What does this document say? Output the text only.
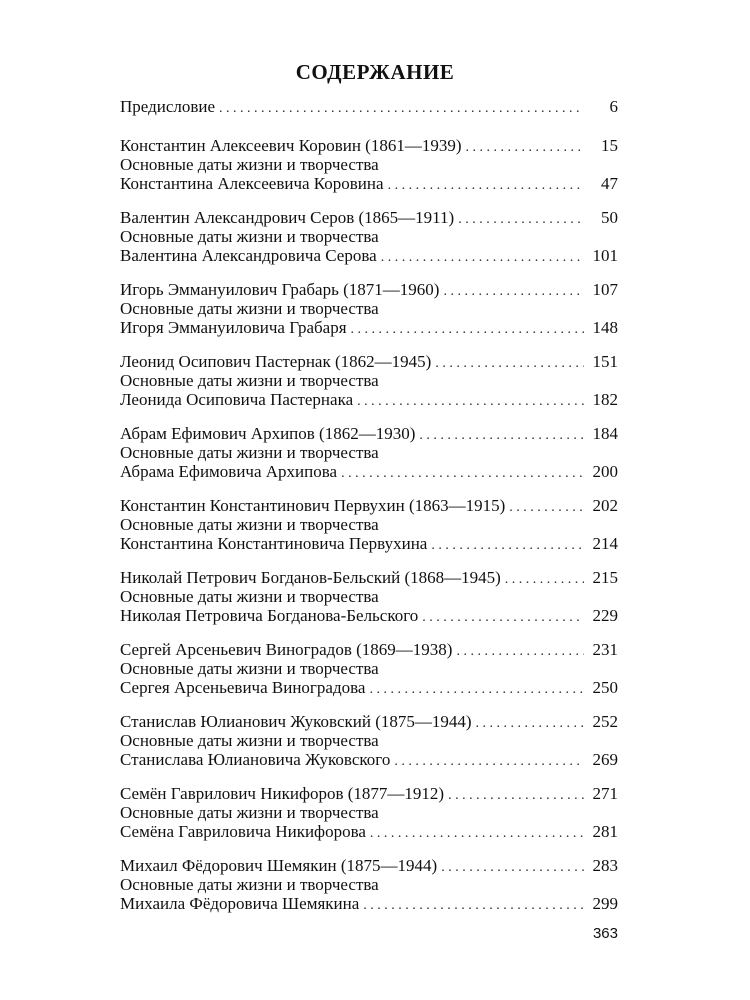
СОДЕРЖАНИЕ
Предисловие . . .	6
Константин Алексеевич Коровин (1861—1939) . . .	15
Основные даты жизни и творчества
Константина Алексеевича Коровина . . .	47
Валентин Александрович Серов (1865—1911) . . .	50
Основные даты жизни и творчества
Валентина Александровича Серова . . .	101
Игорь Эммануилович Грабарь (1871—1960) . . .	107
Основные даты жизни и творчества
Игоря Эммануиловича Грабаря . . .	148
Леонид Осипович Пастернак (1862—1945) . . .	151
Основные даты жизни и творчества
Леонида Осиповича Пастернака . . .	182
Абрам Ефимович Архипов (1862—1930) . . .	184
Основные даты жизни и творчества
Абрама Ефимовича Архипова . . .	200
Константин Константинович Первухин (1863—1915) . . .	202
Основные даты жизни и творчества
Константина Константиновича Первухина . . .	214
Николай Петрович Богданов-Бельский (1868—1945) . . .	215
Основные даты жизни и творчества
Николая Петровича Богданова-Бельского . . .	229
Сергей Арсеньевич Виноградов (1869—1938) . . .	231
Основные даты жизни и творчества
Сергея Арсеньевича Виноградова . . .	250
Станислав Юлианович Жуковский (1875—1944) . . .	252
Основные даты жизни и творчества
Станислава Юлиановича Жуковского . . .	269
Семён Гаврилович Никифоров (1877—1912) . . .	271
Основные даты жизни и творчества
Семёна Гавриловича Никифорова . . .	281
Михаил Фёдорович Шемякин (1875—1944) . . .	283
Основные даты жизни и творчества
Михаила Фёдоровича Шемякина . . .	299
363
